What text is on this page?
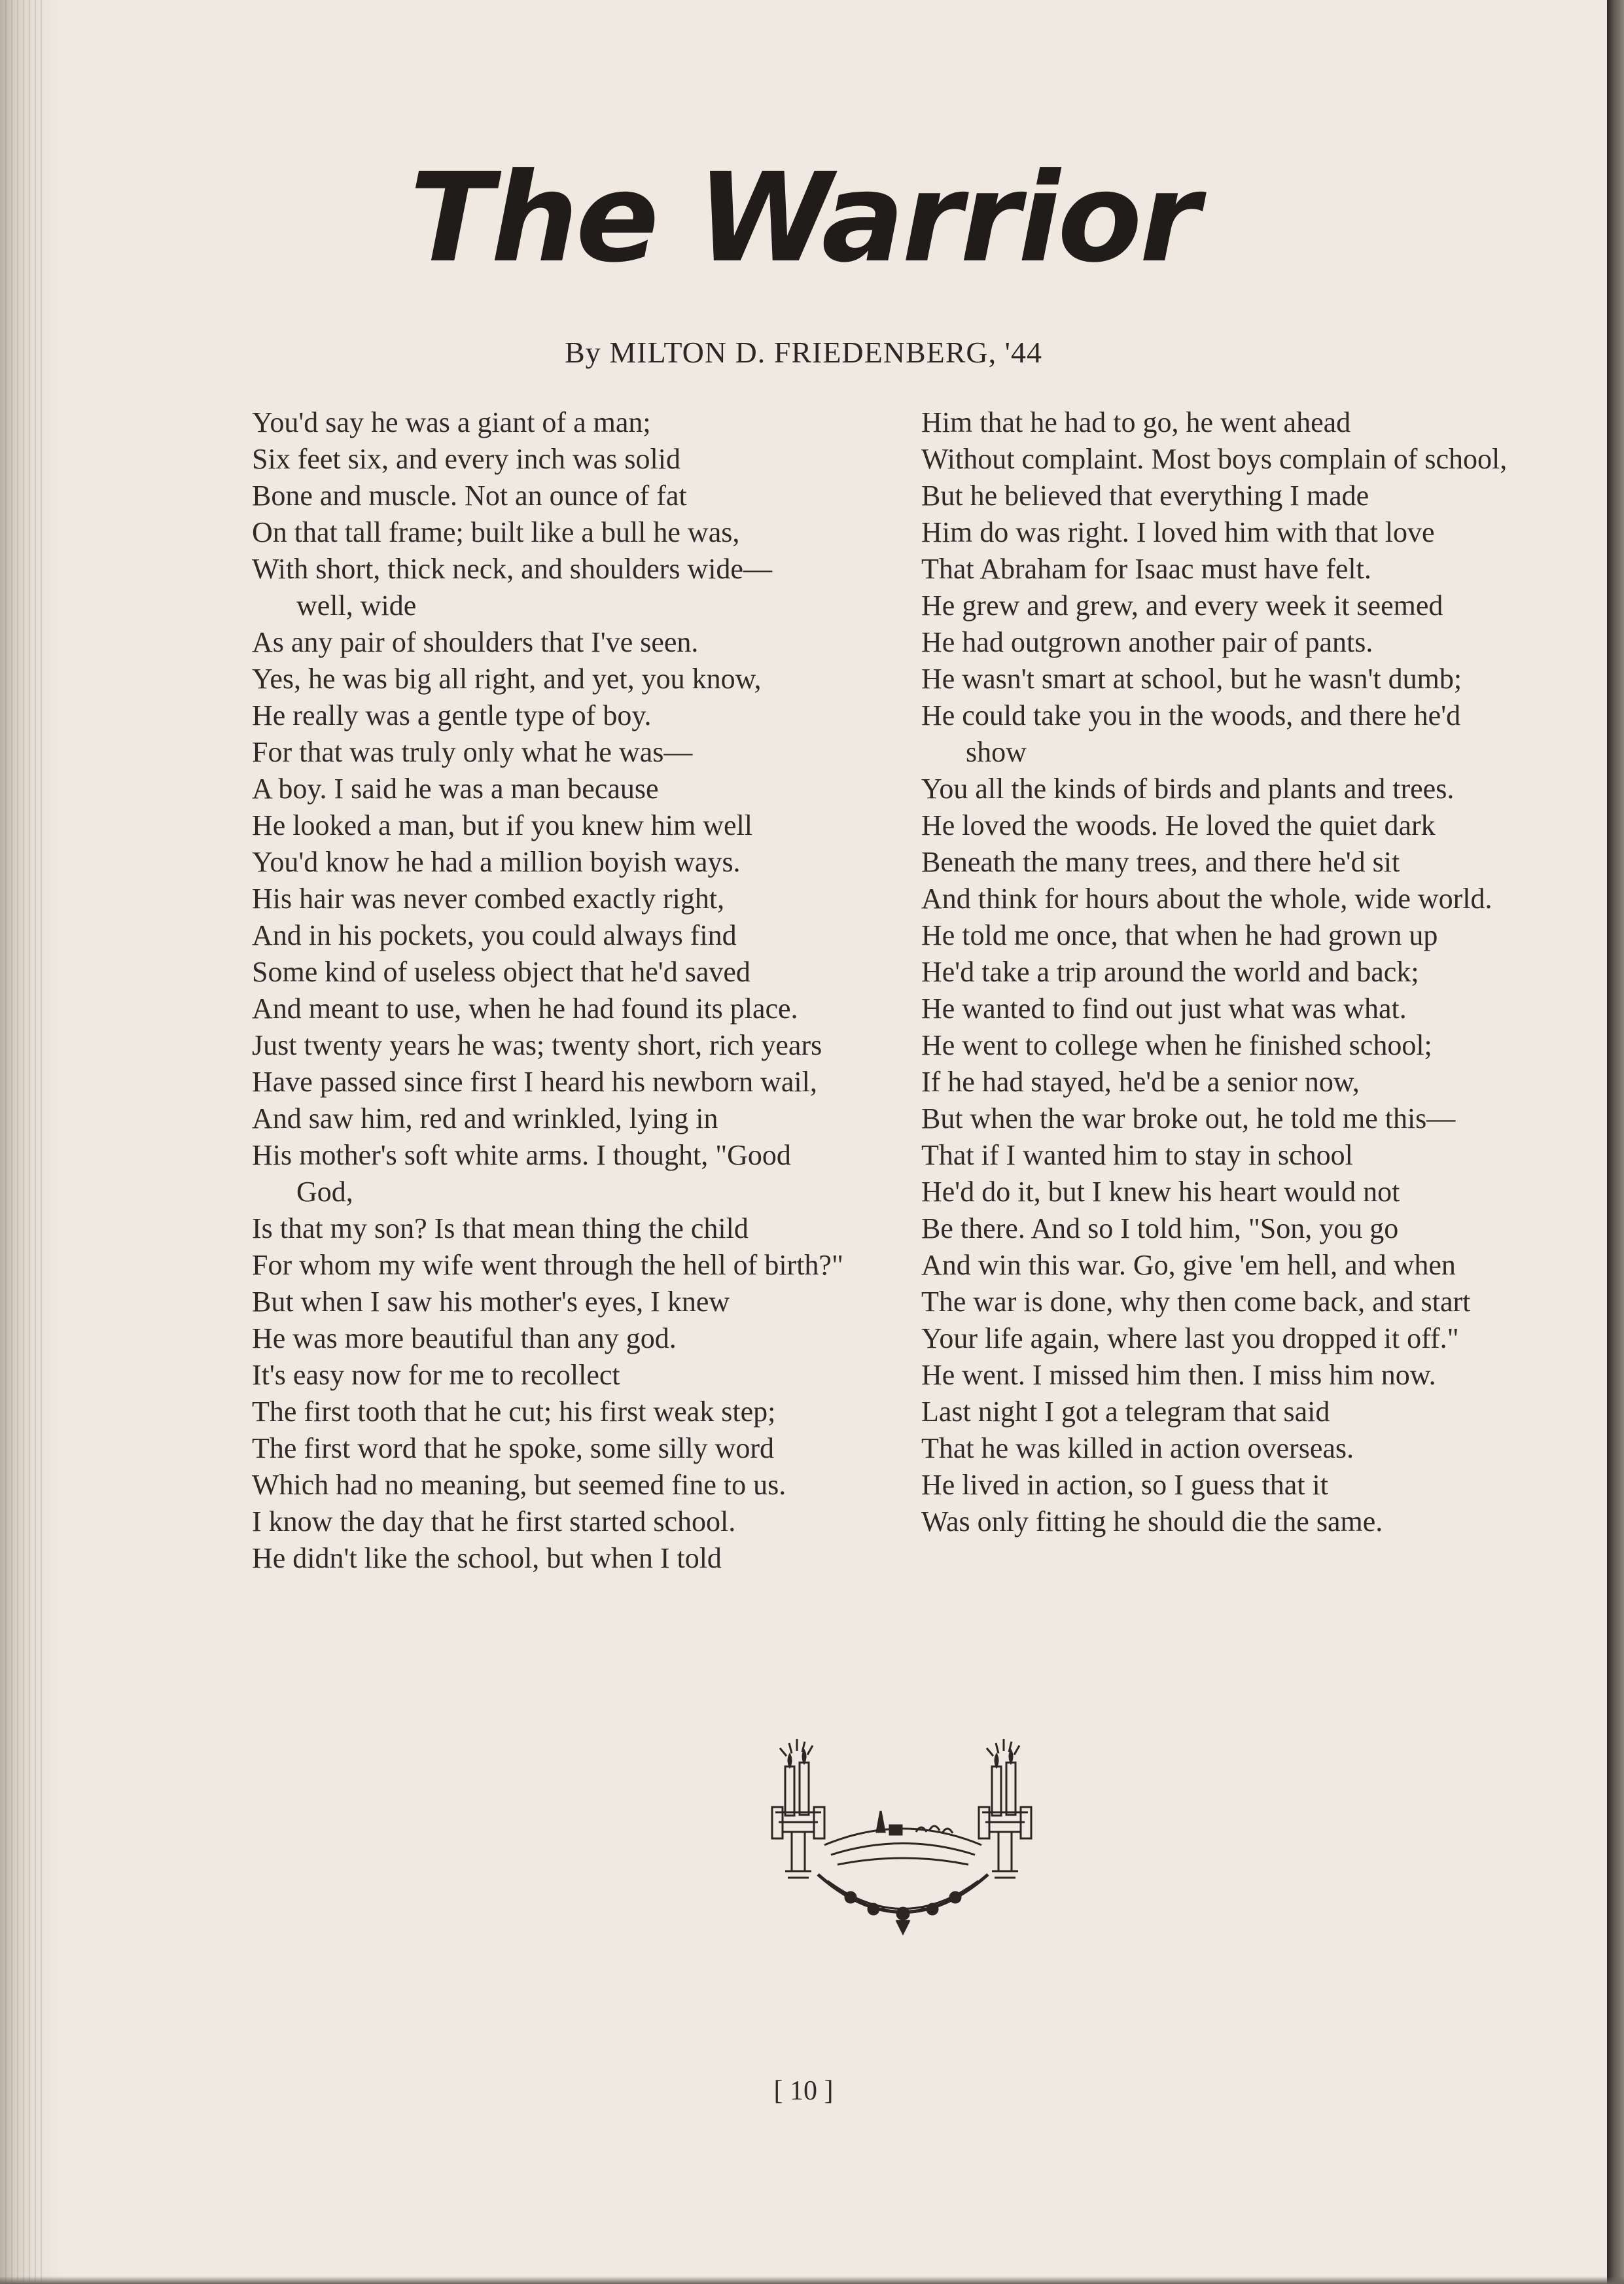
The Warrior
By MILTON D. FRIEDENBERG, '44
You'd say he was a giant of a man;
Six feet six, and every inch was solid
Bone and muscle. Not an ounce of fat
On that tall frame; built like a bull he was,
With short, thick neck, and shoulders wide—
well, wide
As any pair of shoulders that I've seen.
Yes, he was big all right, and yet, you know,
He really was a gentle type of boy.
For that was truly only what he was—
A boy. I said he was a man because
He looked a man, but if you knew him well
You'd know he had a million boyish ways.
His hair was never combed exactly right,
And in his pockets, you could always find
Some kind of useless object that he'd saved
And meant to use, when he had found its place.
Just twenty years he was; twenty short, rich years
Have passed since first I heard his newborn wail,
And saw him, red and wrinkled, lying in
His mother's soft white arms. I thought, "Good
God,
Is that my son? Is that mean thing the child
For whom my wife went through the hell of birth?"
But when I saw his mother's eyes, I knew
He was more beautiful than any god.
It's easy now for me to recollect
The first tooth that he cut; his first weak step;
The first word that he spoke, some silly word
Which had no meaning, but seemed fine to us.
I know the day that he first started school.
He didn't like the school, but when I told
Him that he had to go, he went ahead
Without complaint. Most boys complain of school,
But he believed that everything I made
Him do was right. I loved him with that love
That Abraham for Isaac must have felt.
He grew and grew, and every week it seemed
He had outgrown another pair of pants.
He wasn't smart at school, but he wasn't dumb;
He could take you in the woods, and there he'd
show
You all the kinds of birds and plants and trees.
He loved the woods. He loved the quiet dark
Beneath the many trees, and there he'd sit
And think for hours about the whole, wide world.
He told me once, that when he had grown up
He'd take a trip around the world and back;
He wanted to find out just what was what.
He went to college when he finished school;
If he had stayed, he'd be a senior now,
But when the war broke out, he told me this—
That if I wanted him to stay in school
He'd do it, but I knew his heart would not
Be there. And so I told him, "Son, you go
And win this war. Go, give 'em hell, and when
The war is done, why then come back, and start
Your life again, where last you dropped it off."
He went. I missed him then. I miss him now.
Last night I got a telegram that said
That he was killed in action overseas.
He lived in action, so I guess that it
Was only fitting he should die the same.
[ 10 ]
